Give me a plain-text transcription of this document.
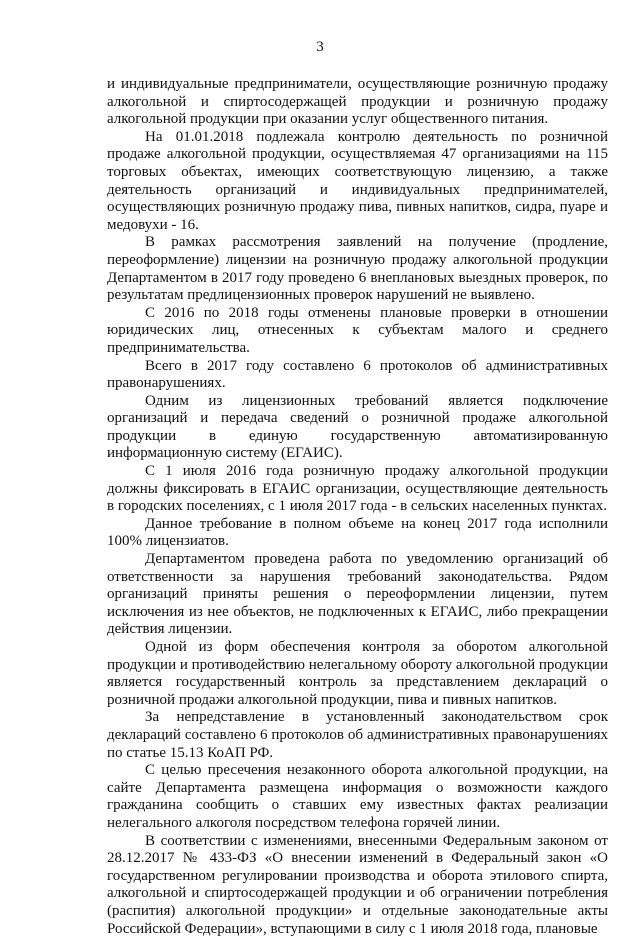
3

и индивидуальные предприниматели, осуществляющие розничную продажу алкогольной и спиртосодержащей продукции и розничную продажу алкогольной продукции при оказании услуг общественного питания.

На 01.01.2018 подлежала контролю деятельность по розничной продаже алкогольной продукции, осуществляемая 47 организациями на 115 торговых объектах, имеющих соответствующую лицензию, а также деятельность организаций и индивидуальных предпринимателей, осуществляющих розничную продажу пива, пивных напитков, сидра, пуаре и медовухи - 16.

В рамках рассмотрения заявлений на получение (продление, переоформление) лицензии на розничную продажу алкогольной продукции Департаментом в 2017 году проведено 6 внеплановых выездных проверок, по результатам предлицензионных проверок нарушений не выявлено.

С 2016 по 2018 годы отменены плановые проверки в отношении юридических лиц, отнесенных к субъектам малого и среднего предпринимательства.

Всего в 2017 году составлено 6 протоколов об административных правонарушениях.

Одним из лицензионных требований является подключение организаций и передача сведений о розничной продаже алкогольной продукции в единую государственную автоматизированную информационную систему (ЕГАИС).

С 1 июля 2016 года розничную продажу алкогольной продукции должны фиксировать в ЕГАИС организации, осуществляющие деятельность в городских поселениях, с 1 июля 2017 года - в сельских населенных пунктах.

Данное требование в полном объеме на конец 2017 года исполнили 100% лицензиатов.

Департаментом проведена работа по уведомлению организаций об ответственности за нарушения требований законодательства. Рядом организаций приняты решения о переоформлении лицензии, путем исключения из нее объектов, не подключенных к ЕГАИС, либо прекращении действия лицензии.

Одной из форм обеспечения контроля за оборотом алкогольной продукции и противодействию нелегальному обороту алкогольной продукции является государственный контроль за представлением деклараций о розничной продажи алкогольной продукции, пива и пивных напитков.

За непредставление в установленный законодательством срок деклараций составлено 6 протоколов об административных правонарушениях по статье 15.13 КоАП РФ.

С целью пресечения незаконного оборота алкогольной продукции, на сайте Департамента размещена информация о возможности каждого гражданина сообщить о ставших ему известных фактах реализации нелегального алкоголя посредством телефона горячей линии.

В соответствии с изменениями, внесенными Федеральным законом от 28.12.2017 № 433-ФЗ «О внесении изменений в Федеральный закон «О государственном регулировании производства и оборота этилового спирта, алкогольной и спиртосодержащей продукции и об ограничении потребления (распития) алкогольной продукции» и отдельные законодательные акты Российской Федерации», вступающими в силу с 1 июля 2018 года, плановые
